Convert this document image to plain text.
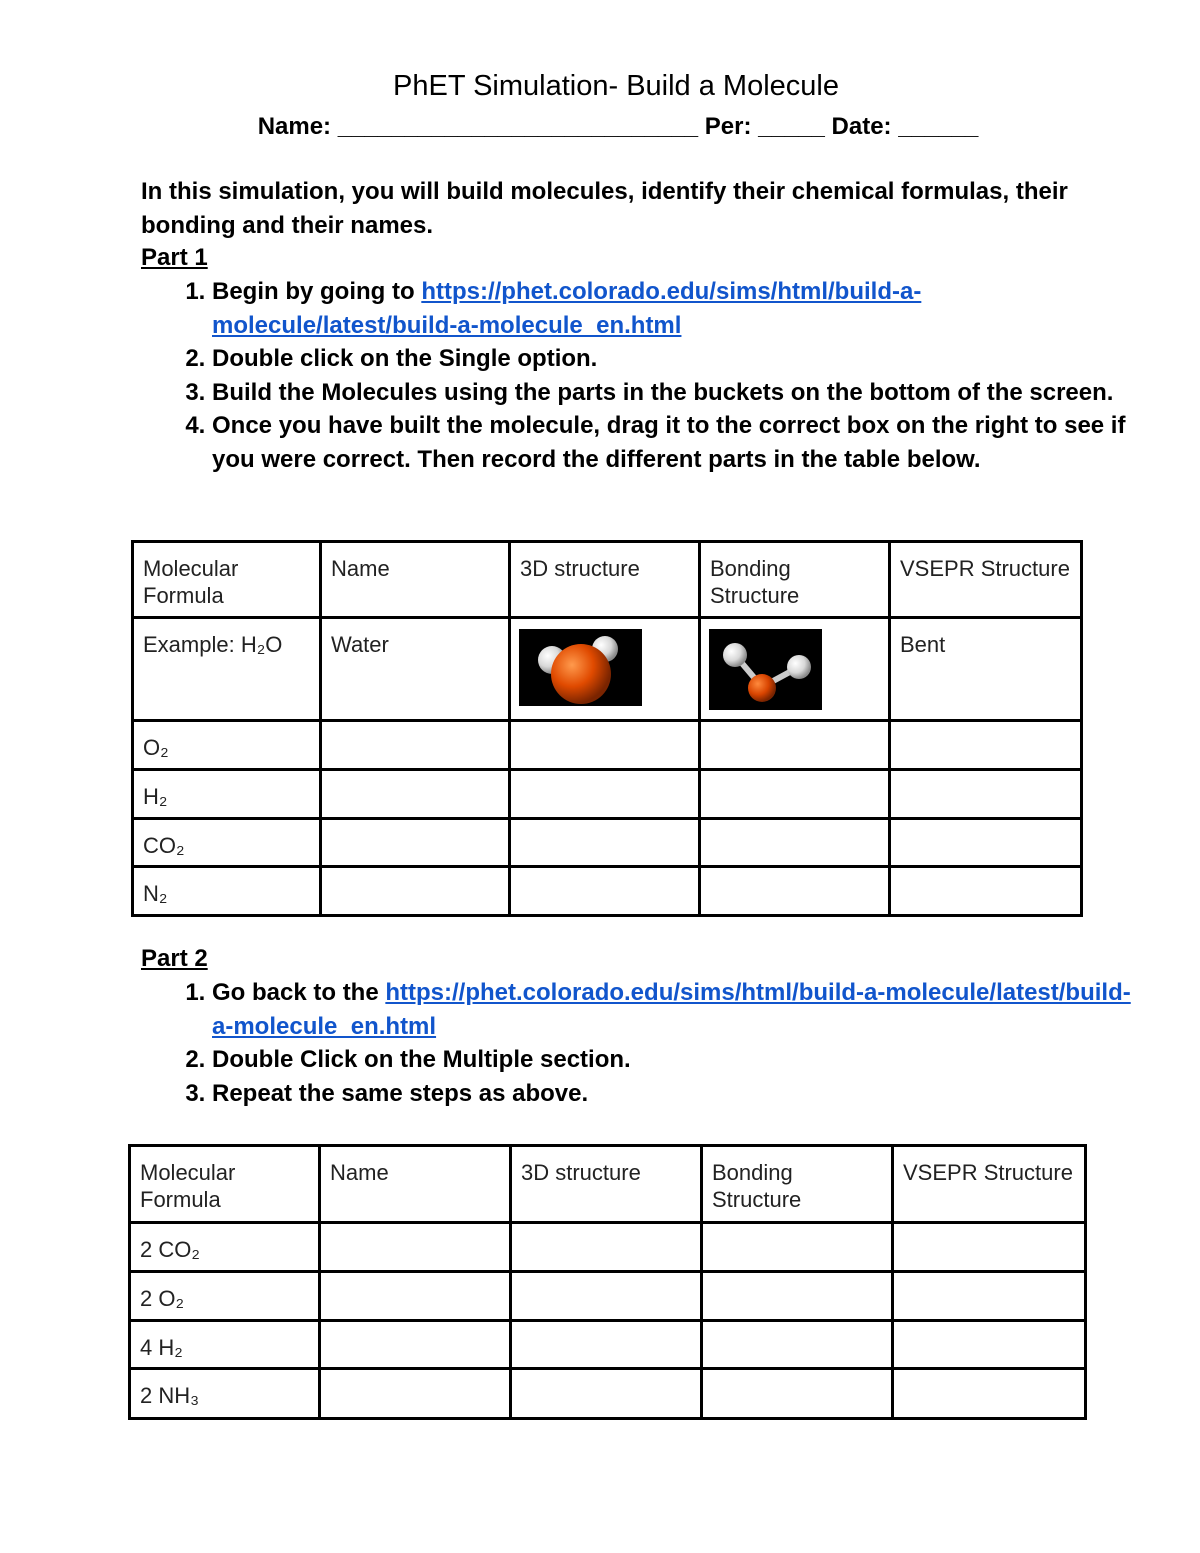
PhET Simulation- Build a Molecule
Name: ___________________________ Per: _____ Date: ______
In this simulation, you will build molecules, identify their chemical formulas, their bonding and their names.
Part 1
1. Begin by going to https://phet.colorado.edu/sims/html/build-a-molecule/latest/build-a-molecule_en.html
2. Double click on the Single option.
3. Build the Molecules using the parts in the buckets on the bottom of the screen.
4. Once you have built the molecule, drag it to the correct box on the right to see if you were correct. Then record the different parts in the table below.
Molecular Formula	Name	3D structure	Bonding Structure	VSEPR Structure
Example: H₂O	Water			Bent
O₂				
H₂				
CO₂				
N₂				
Part 2
1. Go back to the https://phet.colorado.edu/sims/html/build-a-molecule/latest/build-a-molecule_en.html
2. Double Click on the Multiple section.
3. Repeat the same steps as above.
Molecular Formula	Name	3D structure	Bonding Structure	VSEPR Structure
2 CO₂				
2 O₂				
4 H₂				
2 NH₃				
